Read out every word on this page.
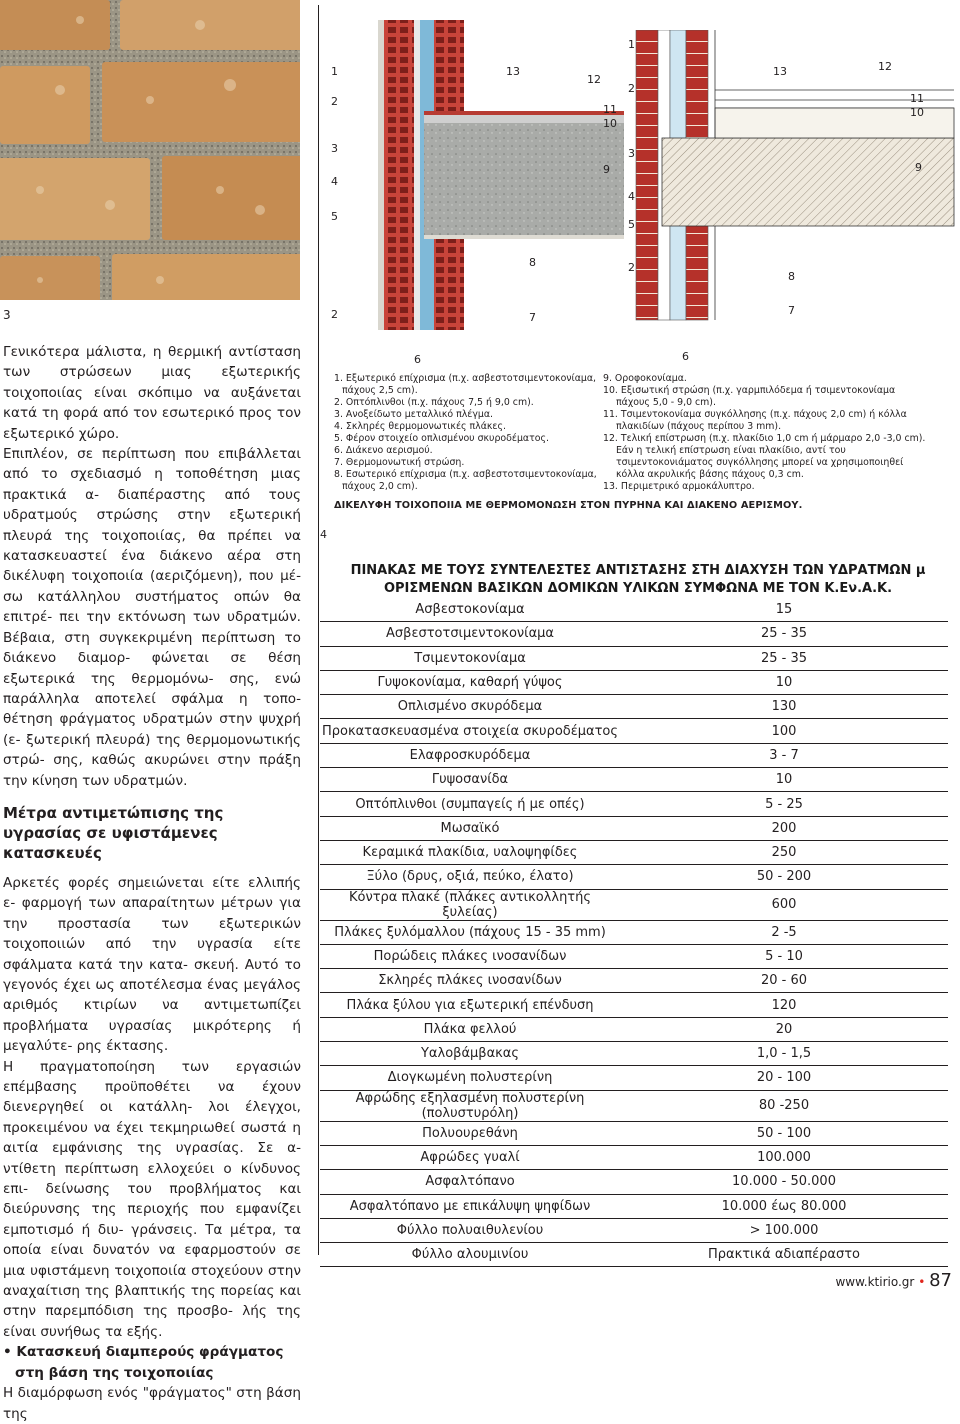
3

Γενικότερα μάλιστα, η θερμική αντίσταση των στρώσεων μιας εξωτερικής τοιχοποιίας είναι σκόπιμο να αυξάνεται κατά τη φορά από τον εσωτερικό προς τον εξωτερικό χώρο.

Επιπλέον, σε περίπτωση που επιβάλλεται από το σχεδιασμό η τοποθέτηση μιας πρακτικά α- διαπέραστης από τους υδρατμούς στρώσης στην εξωτερική πλευρά της τοιχοποιίας, θα πρέπει να κατασκευαστεί ένα διάκενο αέρα στη δικέλυφη τοιχοποιία (αεριζόμενη), που μέ- σω κατάλληλου συστήματος οπών θα επιτρέ- πει την εκτόνωση των υδρατμών. Βέβαια, στη συγκεκριμένη περίπτωση το διάκενο διαμορ- φώνεται σε θέση εξωτερικά της θερμομόνω- σης, ενώ παράλληλα αποτελεί σφάλμα η τοπο- θέτηση φράγματος υδρατμών στην ψυχρή (ε- ξωτερική πλευρά) της θερμομονωτικής στρώ- σης, καθώς ακυρώνει στην πράξη την κίνηση των υδρατμών.

Μέτρα αντιμετώπισης της υγρασίας σε υφιστάμενες κατασκευές

Αρκετές φορές σημειώνεται είτε ελλιπής ε- φαρμογή των απαραίτητων μέτρων για την προστασία των εξωτερικών τοιχοποιιών από την υγρασία είτε σφάλματα κατά την κατα- σκευή. Αυτό το γεγονός έχει ως αποτέλεσμα ένας μεγάλος αριθμός κτιρίων να αντιμετωπίζει προβλήματα υγρασίας μικρότερης ή μεγαλύτε- ρης έκτασης.

Η πραγματοποίηση των εργασιών επέμβασης προϋποθέτει να έχουν διενεργηθεί οι κατάλλη- λοι έλεγχοι, προκειμένου να έχει τεκμηριωθεί σωστά η αιτία εμφάνισης της υγρασίας. Σε α- ντίθετη περίπτωση ελλοχεύει ο κίνδυνος επι- δείνωσης του προβλήματος και διεύρυνσης της περιοχής που εμφανίζει εμποτισμό ή διυ- γράνσεις. Τα μέτρα, τα οποία είναι δυνατόν να εφαρμοστούν σε μια υφιστάμενη τοιχοποιία στοχεύουν στην αναχαίτιση της βλαπτικής της πορείας και στην παρεμπόδιση της προσβο- λής της είναι συνήθως τα εξής.

• Κατασκευή διαμπερούς φράγματος στη βάση της τοιχοποιίας

Η διαμόρφωση ενός "φράγματος" στη βάση της

4
1
2
3
4
5
13
12
11
10
9
8
2	7
6
1
2
3
4
5
13	12
11
10
9
2
8
7
6
1. Εξωτερικό επίχρισμα (π.χ. ασβεστοτσιμεντοκονίαμα,
πάχους 2,5 cm).
2. Οπτόπλινθοι (π.χ. πάχους 7,5 ή 9,0 cm).
3. Ανοξείδωτο μεταλλικό πλέγμα.
4. Σκληρές θερμομονωτικές πλάκες.
5. Φέρον στοιχείο οπλισμένου σκυροδέματος.
6. Διάκενο αερισμού.
7. Θερμομονωτική στρώση.
8. Εσωτερικό επίχρισμα (π.χ. ασβεστοτσιμεντοκονίαμα,
πάχους 2,0 cm).
9. Οροφοκονίαμα.
10. Εξισωτική στρώση (π.χ. γαρμπιλόδεμα ή τσιμεντοκονίαμα
πάχους 5,0 - 9,0 cm).
11. Τσιμεντοκονίαμα συγκόλλησης (π.χ. πάχους 2,0 cm) ή κόλλα
πλακιδίων (πάχους περίπου 3 mm).
12. Τελική επίστρωση (π.χ. πλακίδιο 1,0 cm ή μάρμαρο 2,0 -3,0 cm).
Εάν η τελική επίστρωση είναι πλακίδιο, αντί του
τσιμεντοκονιάματος συγκόλλησης μπορεί να χρησιμοποιηθεί
κόλλα ακρυλικής βάσης πάχους 0,3 cm.
13. Περιμετρικό αρμοκάλυπτρο.
ΔΙΚΕΛΥΦΗ ΤΟΙΧΟΠΟΙΙΑ ΜΕ ΘΕΡΜΟΜΟΝΩΣΗ ΣΤΟΝ ΠΥΡΗΝΑ ΚΑΙ ΔΙΑΚΕΝΟ ΑΕΡΙΣΜΟΥ.
ΠΙΝΑΚΑΣ ΜΕ ΤΟΥΣ ΣΥΝΤΕΛΕΣΤΕΣ ΑΝΤΙΣΤΑΣΗΣ ΣΤΗ ΔΙΑΧΥΣΗ ΤΩΝ ΥΔΡΑΤΜΩΝ μ
ΟΡΙΣΜΕΝΩΝ ΒΑΣΙΚΩΝ ΔΟΜΙΚΩΝ ΥΛΙΚΩΝ ΣΥΜΦΩΝΑ ΜΕ ΤΟΝ Κ.Εν.Α.Κ.
Ασβεστοκονίαμα	15
Ασβεστοτσιμεντοκονίαμα	25 - 35
Τσιμεντοκονίαμα	25 - 35
Γυψοκονίαμα, καθαρή γύψος	10
Οπλισμένο σκυρόδεμα	130
Προκατασκευασμένα στοιχεία σκυροδέματος	100
Ελαφροσκυρόδεμα	3 - 7
Γυψοσανίδα	10
Οπτόπλινθοι (συμπαγείς ή με οπές)	5 - 25
Μωσαϊκό	200
Κεραμικά πλακίδια, υαλοψηφίδες	250
Ξύλο (δρυς, οξιά, πεύκο, έλατο)	50 - 200
Κόντρα πλακέ (πλάκες αντικολλητής ξυλείας)	600
Πλάκες ξυλόμαλλου (πάχους 15 - 35 mm)	2 -5
Πορώδεις πλάκες ινοσανίδων	5 - 10
Σκληρές πλάκες ινοσανίδων	20 - 60
Πλάκα ξύλου για εξωτερική επένδυση	120
Πλάκα φελλού	20
Υαλοβάμβακας	1,0 - 1,5
Διογκωμένη πολυστερίνη	20 - 100
Αφρώδης εξηλασμένη πολυστερίνη (πολυστυρόλη)	80 -250
Πολυουρεθάνη	50 - 100
Αφρώδες γυαλί	100.000
Ασφαλτόπανο	10.000 - 50.000
Ασφαλτόπανο με επικάλυψη ψηφίδων	10.000 έως 80.000
Φύλλο πολυαιθυλενίου	> 100.000
Φύλλο αλουμινίου	Πρακτικά αδιαπέραστο
www.ktirio.gr • 87
